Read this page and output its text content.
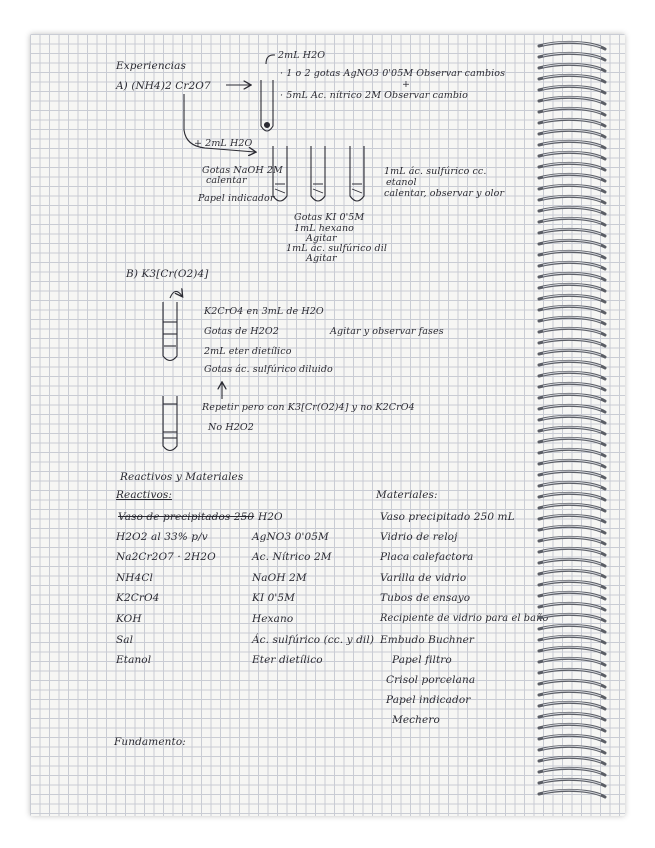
Experiencias
A) (NH4)2 Cr2O7
2mL H2O
· 1 o 2 gotas AgNO3 0'05M Observar cambios
+
· 5mL Ac. nítrico 2M Observar cambio
+ 2mL H2O
Gotas NaOH 2M
calentar
Papel indicador
Gotas KI 0'5M
1mL hexano
Agitar
1mL ác. sulfúrico dil
Agitar
1mL ác. sulfúrico cc.
etanol
calentar, observar y olor
B) K3[Cr(O2)4]
K2CrO4 en 3mL de H2O
Gotas de H2O2
2mL eter dietílico
Gotas ác. sulfúrico diluido
Agitar y observar fases
Repetir pero con K3[Cr(O2)4] y no K2CrO4
No H2O2
Reactivos y Materiales
Reactivos:	Materiales:
Vaso de precipitados 250 H2O
H2O2 al 33% p/v
Na2Cr2O7 · 2H2O
NH4Cl
K2CrO4
KOH
Sal
Etanol
AgNO3 0'05M
Ac. Nítrico 2M
NaOH 2M
KI 0'5M
Hexano
Ác. sulfúrico (cc. y dil)
Eter dietílico
Vaso precipitado 250 mL
Vidrio de reloj
Placa calefactora
Varilla de vidrio
Tubos de ensayo
Recipiente de vidrio para el baño
Embudo Buchner
Papel filtro
Crisol porcelana
Papel indicador
Mechero
Fundamento:
